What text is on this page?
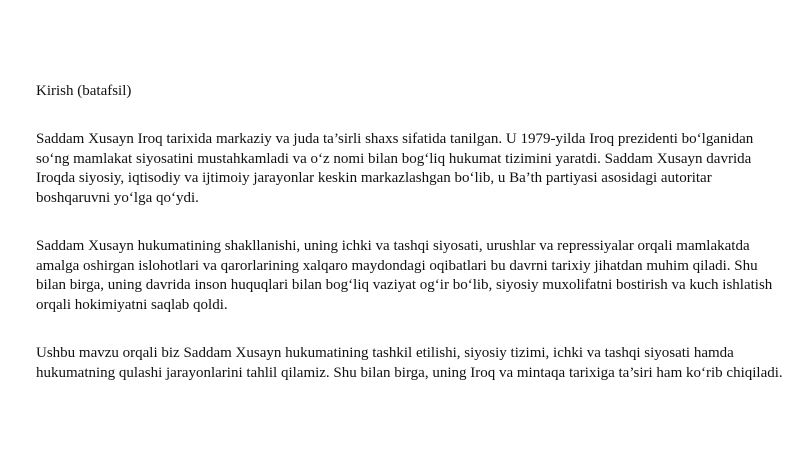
Kirish (batafsil)

Saddam Xusayn Iroq tarixida markaziy va juda ta’sirli shaxs sifatida tanilgan. U 1979-yilda Iroq prezidenti bo‘lganidan so‘ng mamlakat siyosatini mustahkamladi va o‘z nomi bilan bog‘liq hukumat tizimini yaratdi. Saddam Xusayn davrida Iroqda siyosiy, iqtisodiy va ijtimoiy jarayonlar keskin markazlashgan bo‘lib, u Ba’th partiyasi asosidagi autoritar boshqaruvni yo‘lga qo‘ydi.

Saddam Xusayn hukumatining shakllanishi, uning ichki va tashqi siyosati, urushlar va repressiyalar orqali mamlakatda amalga oshirgan islohotlari va qarorlarining xalqaro maydondagi oqibatlari bu davrni tarixiy jihatdan muhim qiladi. Shu bilan birga, uning davrida inson huquqlari bilan bog‘liq vaziyat og‘ir bo‘lib, siyosiy muxolifatni bostirish va kuch ishlatish orqali hokimiyatni saqlab qoldi.

Ushbu mavzu orqali biz Saddam Xusayn hukumatining tashkil etilishi, siyosiy tizimi, ichki va tashqi siyosati hamda hukumatning qulashi jarayonlarini tahlil qilamiz. Shu bilan birga, uning Iroq va mintaqa tarixiga ta’siri ham ko‘rib chiqiladi.
